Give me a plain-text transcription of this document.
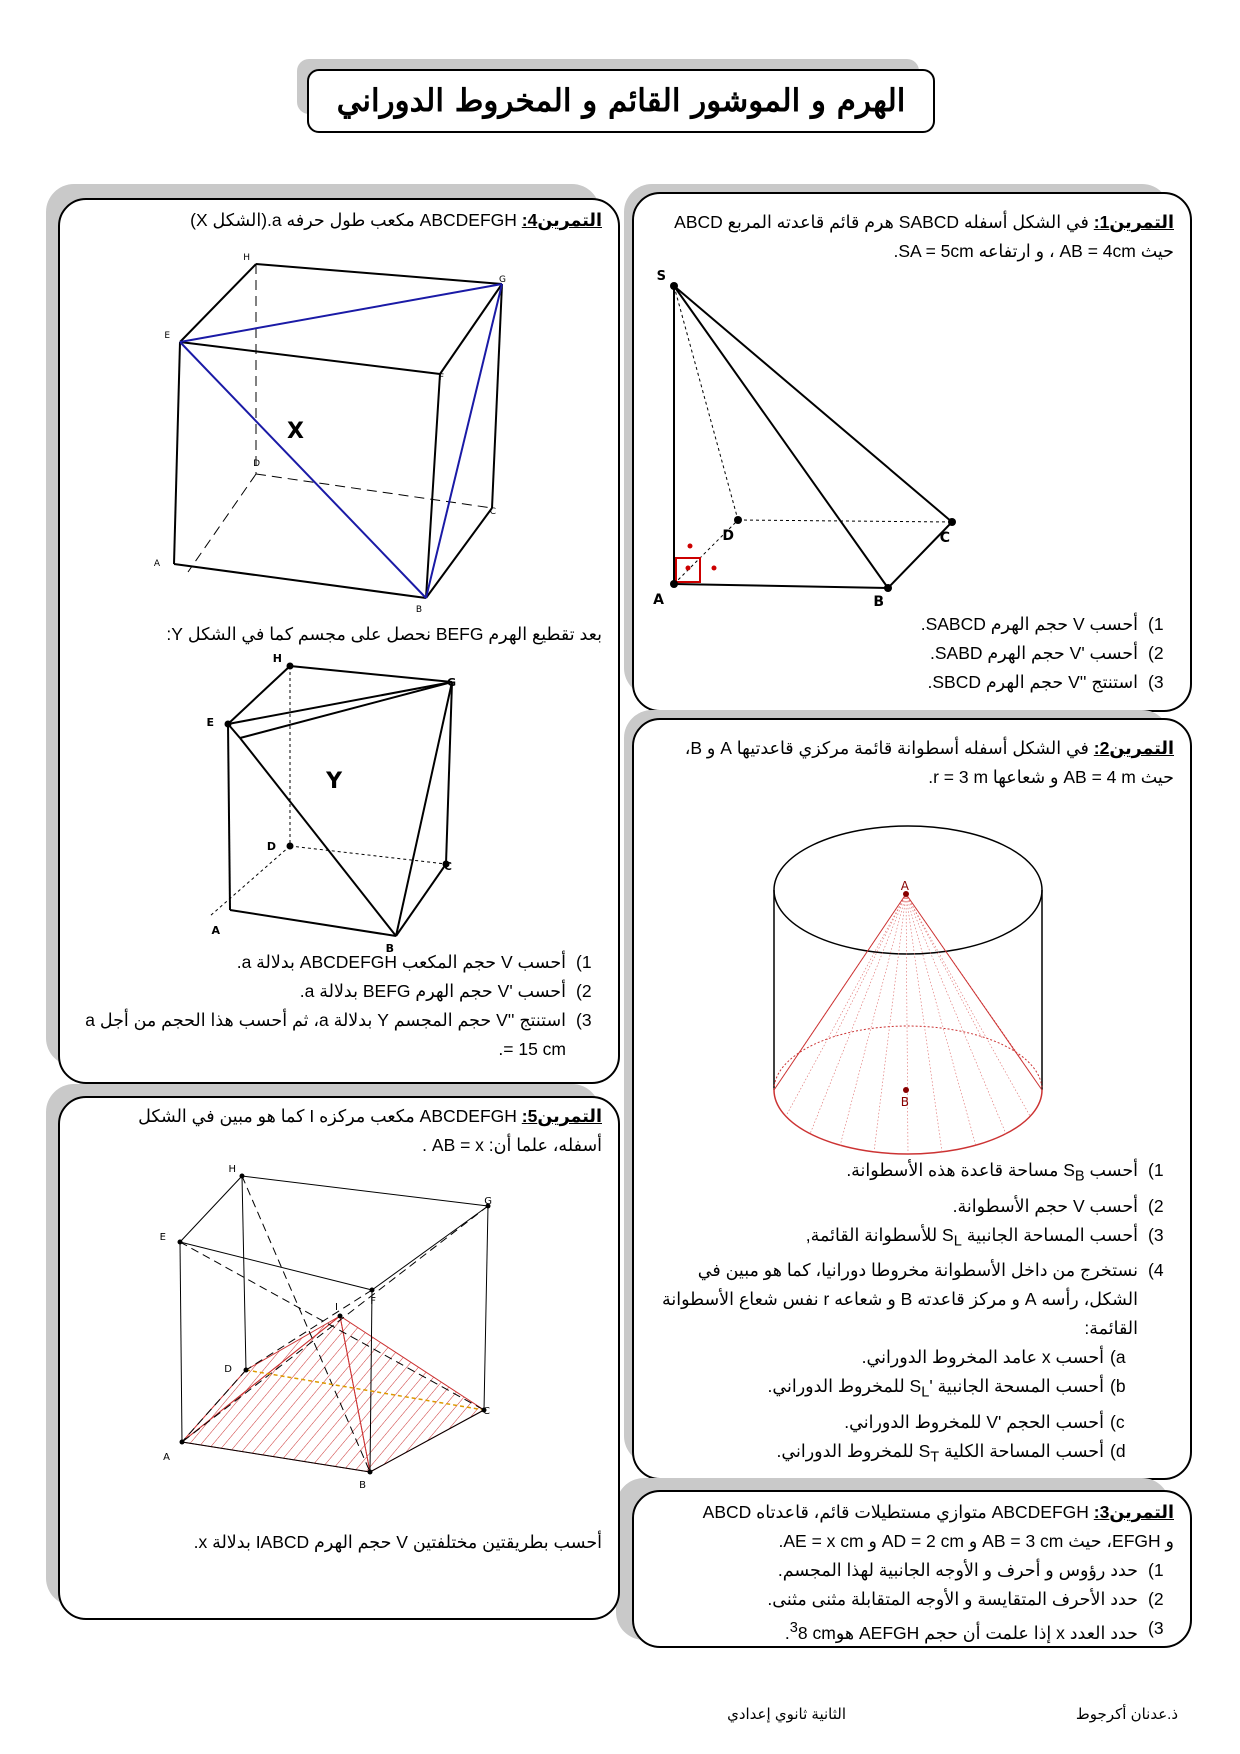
الهرم و الموشور القائم و المخروط الدوراني
التمرين1: في الشكل أسفله SABCD هرم قائم قاعدته المربع ABCD
حيث AB = 4cm ، و ارتفاعه SA = 5cm.
S
A	B
C
D
1)
أحسب V حجم الهرم SABCD.
2)
أحسب 'V حجم الهرم SABD.
3)
استنتج ''V حجم الهرم SBCD.
التمرين2: في الشكل أسفله أسطوانة قائمة مركزي قاعدتيها A و B،
حيث AB = 4 m و شعاعها r = 3 m.
A
B
1)
أحسب $S_B$ مساحة قاعدة هذه الأسطوانة.
2)
أحسب V حجم الأسطوانة.
3)
أحسب المساحة الجانبية $S_L$ للأسطوانة القائمة,
4)
نستخرج من داخل الأسطوانة مخروطا دورانيا، كما هو مبين في الشكل، رأسه A و مركز قاعدته B و شعاعه r نفس شعاع الأسطوانة القائمة:
a)
أحسب x عامد المخروط الدوراني.
b)
أحسب المسحة الجانبية '$S_L$ للمخروط الدوراني.
c)
أحسب الحجم 'V للمخروط الدوراني.
d)
أحسب المساحة الكلية $S_T$ للمخروط الدوراني.
التمرين3: ABCDEFGH متوازي مستطيلات قائم، قاعدتاه ABCD
و EFGH، حيث AB = 3 cm و AD = 2 cm و AE = x cm.
1)
حدد رؤوس و أحرف و الأوجه الجانبية لهذا المجسم.
2)
حدد الأحرف المتقايسة و الأوجه المتقابلة مثنى مثنى.
3)
حدد العدد x إذا علمت أن حجم AEFGH هو8 $cm^3$.
التمرين4: ABCDEFGH مكعب طول حرفه a.(الشكل X)
A
B
C
D
E
F
G
H
X
بعد تقطيع الهرم BEFG نحصل على مجسم كما في الشكل Y:
A
B
C
D
E
G
H
Y
1)
أحسب V حجم المكعب ABCDEFGH بدلالة a.
2)
أحسب 'V حجم الهرم BEFG بدلالة a.
3)
استنتج ''V حجم المجسم Y بدلالة a، ثم أحسب هذا الحجم من أجل a = 15 cm.
التمرين5: ABCDEFGH مكعب مركزه I كما هو مبين في الشكل
أسفله، علما أن: AB = x .
A
B
C
D
E
F
G
H
I
أحسب بطريقتين مختلفتين V حجم الهرم IABCD بدلالة x.
ذ.عدنان أكرجوط
الثانية ثانوي إعدادي
